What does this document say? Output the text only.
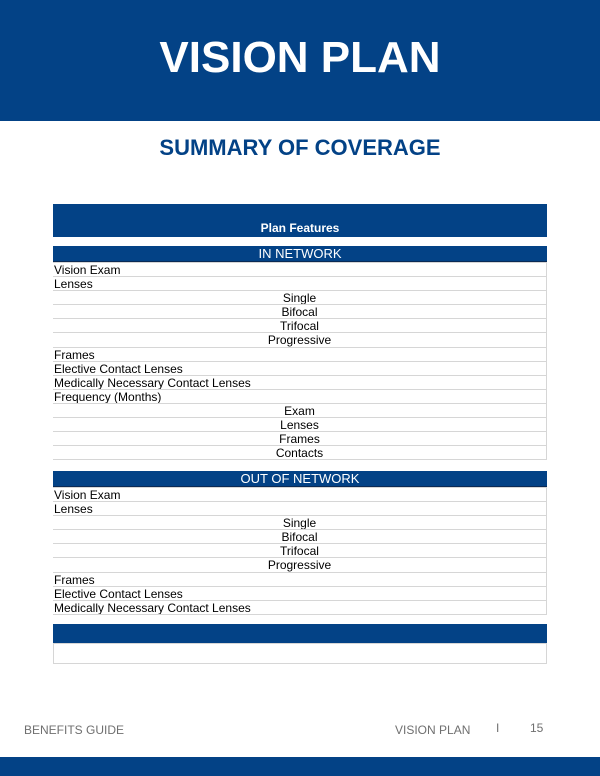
VISION PLAN
SUMMARY OF COVERAGE
Plan Features
IN NETWORK
Vision Exam
Lenses
Single
Bifocal
Trifocal
Progressive
Frames
Elective Contact Lenses
Medically Necessary Contact Lenses
Frequency (Months)
Exam
Lenses
Frames
Contacts
OUT OF NETWORK
Vision Exam
Lenses
Single
Bifocal
Trifocal
Progressive
Frames
Elective Contact Lenses
Medically Necessary Contact Lenses
BENEFITS GUIDE	VISION PLAN I	15
